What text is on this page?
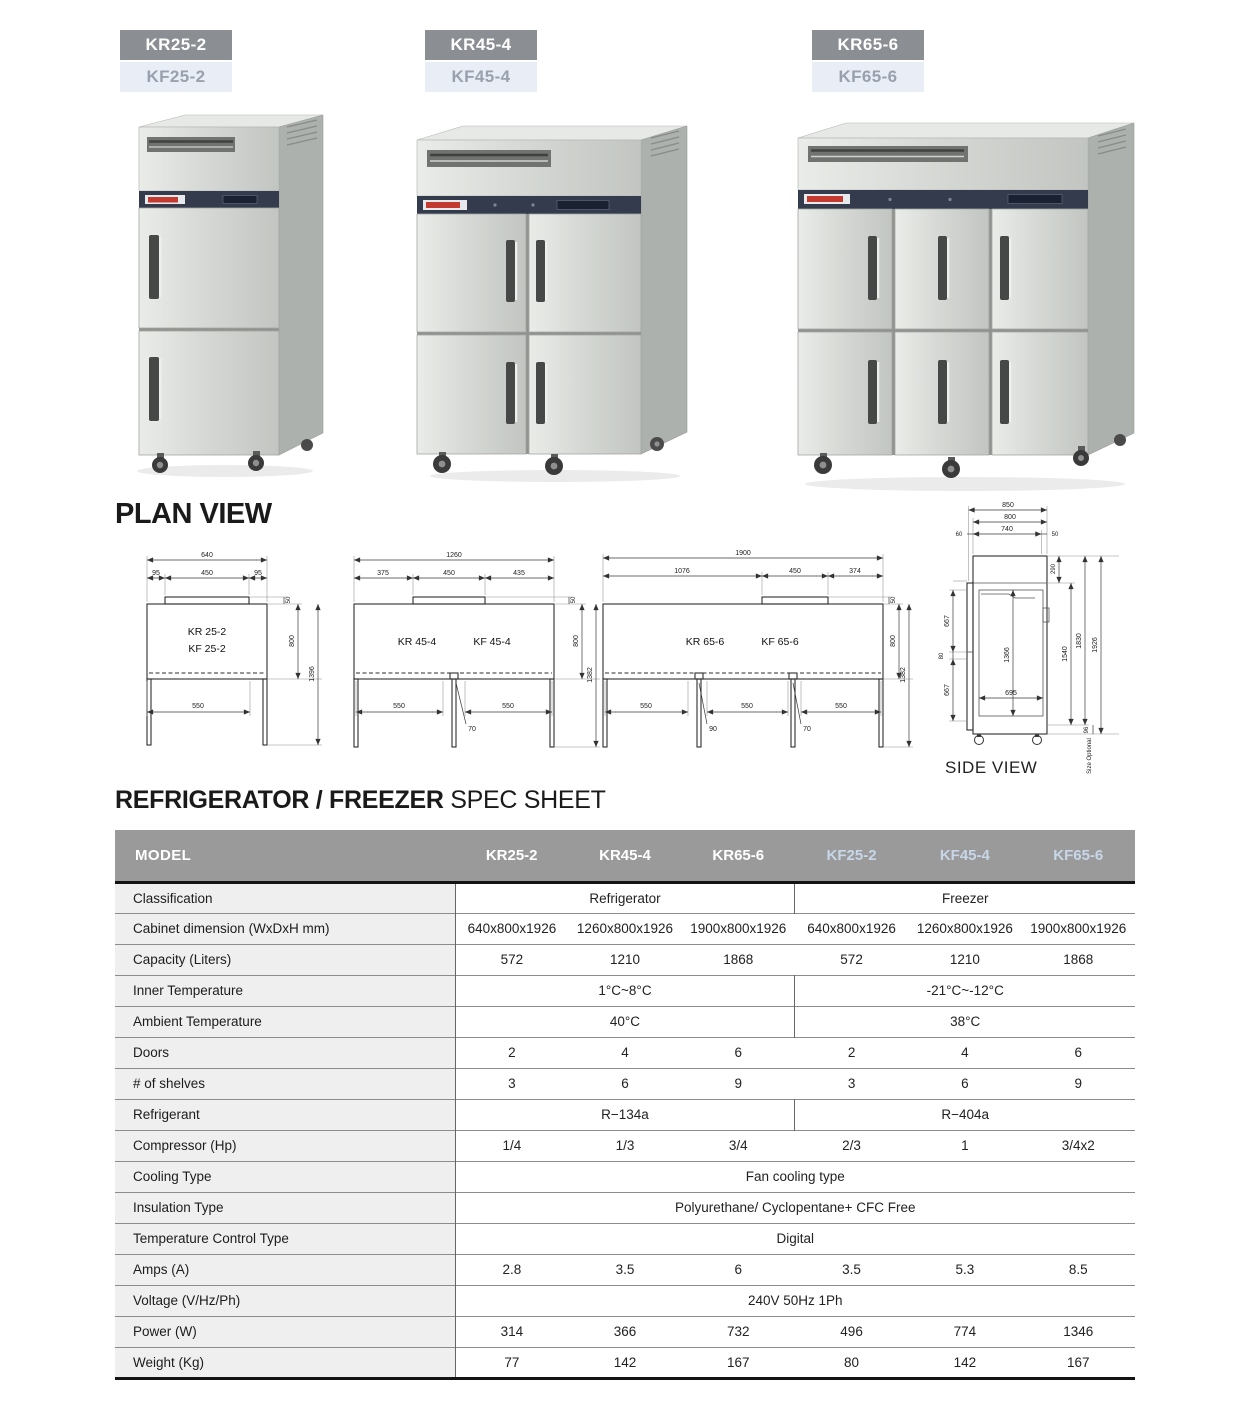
KR25-2
KF25-2
KR45-4
KF45-4
KR65-6
KF65-6
PLAN VIEW
640
95	450	95
50
800
1396
550
KR 25-2
KF 25-2
1260
375	450	435
50
800
1382
550	550
70
KR 45-4	KF 45-4
1900
1076	450	374
50
800
1382
550	550	550
90	70
KR 65-6	KF 65-6
850
800
60
740
50
290
1540
1830 1926
667
80
667
1366
695
96
Size Optional
SIDE VIEW
REFRIGERATOR / FREEZER SPEC SHEET
MODEL	KR25-2	KR45-4	KR65-6	KF25-2	KF45-4	KF65-6
Classification	Refrigerator			Freezer		
Cabinet dimension (WxDxH mm)	640x800x1926	1260x800x1926	1900x800x1926	640x800x1926	1260x800x1926	1900x800x1926
Capacity (Liters)	572	1210	1868	572	1210	1868
Inner Temperature	1°C~8°C			-21°C~-12°C		
Ambient Temperature	40°C			38°C		
Doors	2	4	6	2	4	6
# of shelves	3	6	9	3	6	9
Refrigerant	R−134a			R−404a		
Compressor (Hp)	1/4	1/3	3/4	2/3	1	3/4x2
Cooling Type	Fan cooling type					
Insulation Type	Polyurethane/ Cyclopentane+ CFC Free					
Temperature Control Type	Digital					
Amps (A)	2.8	3.5	6	3.5	5.3	8.5
Voltage (V/Hz/Ph)	240V 50Hz 1Ph					
Power (W)	314	366	732	496	774	1346
Weight (Kg)	77	142	167	80	142	167
